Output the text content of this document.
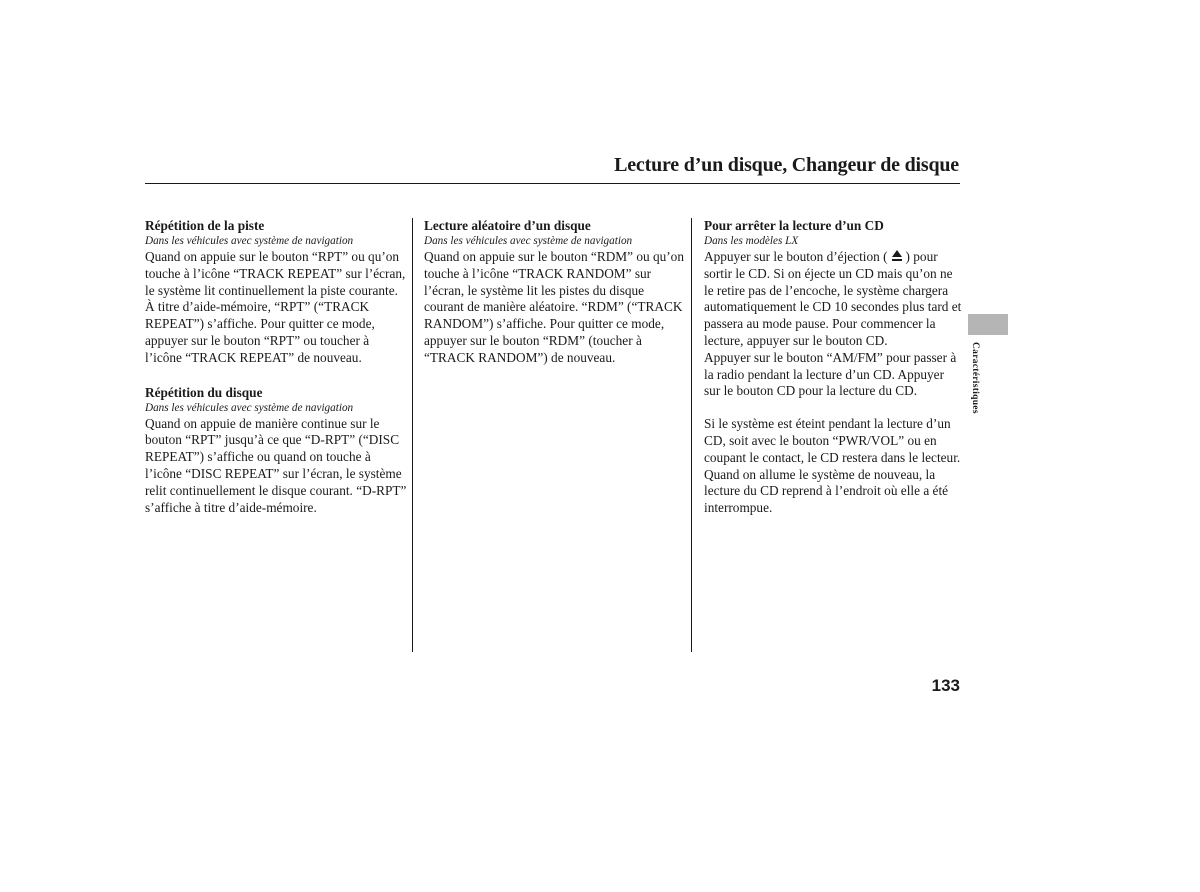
Lecture d’un disque, Changeur de disque
Répétition de la piste
Dans les véhicules avec système de navigation

Quand on appuie sur le bouton “RPT” ou qu’on touche à l’icône “TRACK REPEAT” sur l’écran, le système lit continuellement la piste courante. À titre d’aide-mémoire, “RPT” (“TRACK REPEAT”) s’affiche. Pour quitter ce mode, appuyer sur le bouton “RPT” ou toucher à l’icône “TRACK REPEAT” de nouveau.

Répétition du disque
Dans les véhicules avec système de navigation

Quand on appuie de manière continue sur le bouton “RPT” jusqu’à ce que “D-RPT” (“DISC REPEAT”) s’affiche ou quand on touche à l’icône “DISC REPEAT” sur l’écran, le système relit continuellement le disque courant. “D-RPT” s’affiche à titre d’aide-mémoire.

Lecture aléatoire d’un disque
Dans les véhicules avec système de navigation

Quand on appuie sur le bouton “RDM” ou qu’on touche à l’icône “TRACK RANDOM” sur l’écran, le système lit les pistes du disque courant de manière aléatoire. “RDM” (“TRACK RANDOM”) s’affiche. Pour quitter ce mode, appuyer sur le bouton “RDM” (toucher à “TRACK RANDOM”) de nouveau.

Pour arrêter la lecture d’un CD
Dans les modèles LX

Appuyer sur le bouton d’éjection ( ) pour sortir le CD. Si on éjecte un CD mais qu’on ne le retire pas de l’encoche, le système chargera automatiquement le CD 10 secondes plus tard et passera au mode pause. Pour commencer la lecture, appuyer sur le bouton CD.

Appuyer sur le bouton “AM/FM” pour passer à la radio pendant la lecture d’un CD. Appuyer sur le bouton CD pour la lecture du CD.

Si le système est éteint pendant la lecture d’un CD, soit avec le bouton “PWR/VOL” ou en coupant le contact, le CD restera dans le lecteur. Quand on allume le système de nouveau, la lecture du CD reprend à l’endroit où elle a été interrompue.

Caractéristiques
133
